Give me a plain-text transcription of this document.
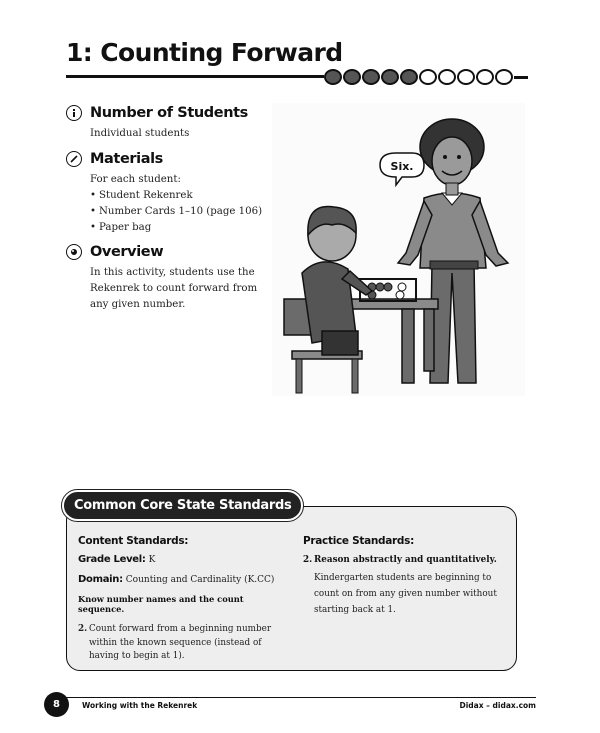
1: Counting Forward
Number of Students
Individual students
Materials
For each student:
• Student Rekenrek
• Number Cards 1–10 (page 106)
• Paper bag
Overview
In this activity, students use the Rekenrek to count forward from any given number.
Six.
Common Core State Standards
Content Standards:
Grade Level: K
Domain: Counting and Cardinality (K.CC)
Know number names and the count sequence.
2. Count forward from a beginning number within the known sequence (instead of having to begin at 1).
Practice Standards:
2. Reason abstractly and quantitatively.
Kindergarten students are beginning to count on from any given number without starting back at 1.
8	Working with the Rekenrek	Didax – didax.com
